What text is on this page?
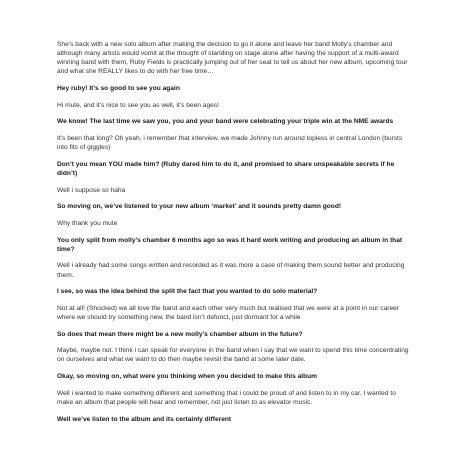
She’s back with a new solo album after making the decision to go it alone and leave her band Molly’s chamber and although many artists would vomit at the thought of standing on stage alone after having the support of a multi-award winning band with them, Ruby Fields is practically jumping out of her seat to tell us about her new album, upcoming tour and what she REALLY likes to do with her free time…

Hey ruby! It’s so good to see you again

Hi mute, and it’s nice to see you as well, it’s been ages!

We know! The last time we saw you, you and your band were celebrating your triple win at the NME awards

It’s been that long? Oh yeah, i remember that interview, we made Johnny run around topless in central London (bursts into fits of giggles)

Don’t you mean YOU made him? (Ruby dared him to do it, and promised to share unspeakable secrets if he didn’t)

Well i suppose so haha

So moving on, we’ve listened to your new album ‘market’ and it sounds pretty damn good!

Why thank you mute

You only split from molly’s chamber 6 months ago so was it hard work writing and producing an album in that time?

Well i already had some songs written and recorded as it was more a case of making them sound better and producing them.

I see, so was the idea behind the split the fact that you wanted to do solo material?

Not at all! (Shocked) we all love the band and each other very much but realised that we were at a point in our career where we should try something new, the band isn’t defunct, just dormant for a while

So does that mean there might be a new molly’s chamber album in the future?

Maybe, maybe not. I think i can speak for everyone in the band when i say that we want to spend this time concentrating on ourselves and what we want to do then maybe revisit the band at some later date.

Okay, so moving on, what were you thinking when you decided to make this album

Well i wanted to make something different and something that i could be proud of and listen to in my car. I wanted to make an album that people will hear and remember, not just listen to as elevator music.

Well we’ve listen to the album and its certainly different
